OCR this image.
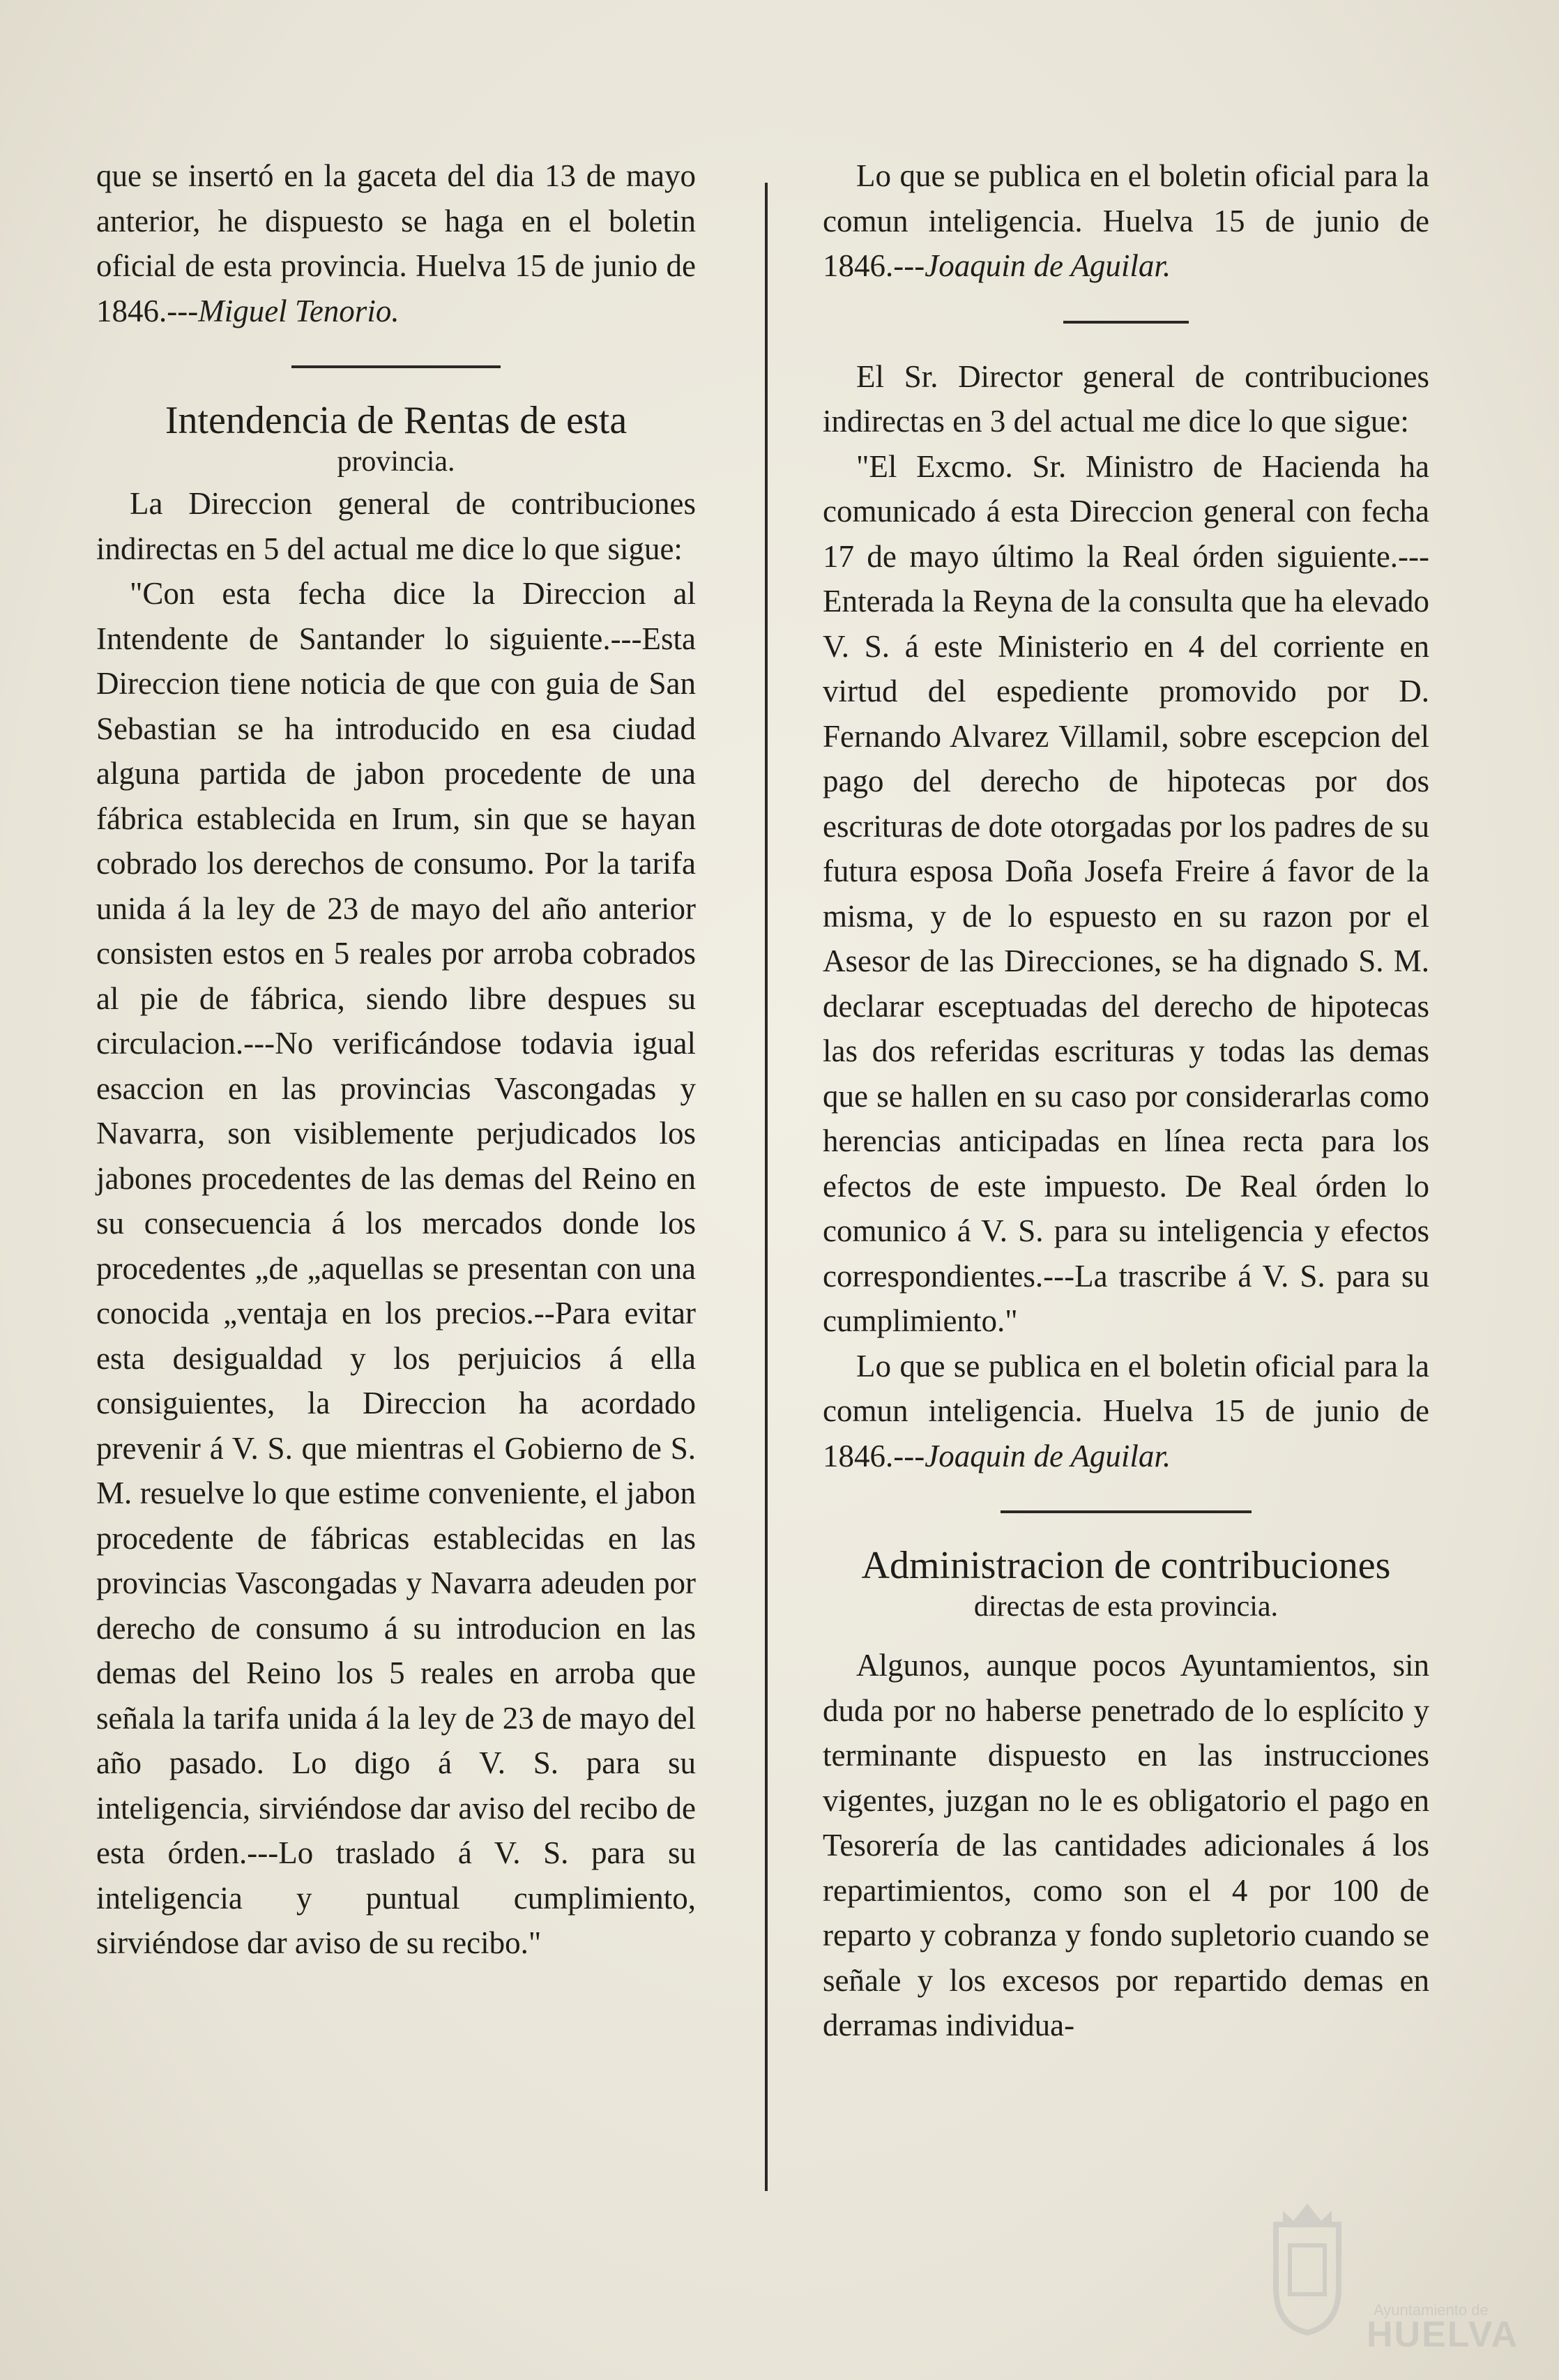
que se insertó en la gaceta del dia 13 de mayo anterior, he dispuesto se haga en el boletin oficial de esta provincia. Huelva 15 de junio de 1846.---Miguel Tenorio.

Intendencia de Rentas de esta

provincia.

La Direccion general de contribuciones indirectas en 5 del actual me dice lo que sigue:

"Con esta fecha dice la Direccion al Intendente de Santander lo siguiente.---Esta Direccion tiene noticia de que con guia de San Sebastian se ha introducido en esa ciudad alguna partida de jabon procedente de una fábrica establecida en Irum, sin que se hayan cobrado los derechos de consumo. Por la tarifa unida á la ley de 23 de mayo del año anterior consisten estos en 5 reales por arroba cobrados al pie de fábrica, siendo libre despues su circulacion.---No verificándose todavia igual esaccion en las provincias Vascongadas y Navarra, son visiblemente perjudicados los jabones procedentes de las demas del Reino en su consecuencia á los mercados donde los procedentes „de „aquellas se presentan con una conocida „ventaja en los precios.--Para evitar esta desigualdad y los perjuicios á ella consiguientes, la Direccion ha acordado prevenir á V. S. que mientras el Gobierno de S. M. resuelve lo que estime conveniente, el jabon procedente de fábricas establecidas en las provincias Vascongadas y Navarra adeuden por derecho de consumo á su introducion en las demas del Reino los 5 reales en arroba que señala la tarifa unida á la ley de 23 de mayo del año pasado. Lo digo á V. S. para su inteligencia, sirviéndose dar aviso del recibo de esta órden.---Lo traslado á V. S. para su inteligencia y puntual cumplimiento, sirviéndose dar aviso de su recibo."

Lo que se publica en el boletin oficial para la comun inteligencia. Huelva 15 de junio de 1846.---Joaquin de Aguilar.

El Sr. Director general de contribuciones indirectas en 3 del actual me dice lo que sigue:

"El Excmo. Sr. Ministro de Hacienda ha comunicado á esta Direccion general con fecha 17 de mayo último la Real órden siguiente.---Enterada la Reyna de la consulta que ha elevado V. S. á este Ministerio en 4 del corriente en virtud del espediente promovido por D. Fernando Alvarez Villamil, sobre escepcion del pago del derecho de hipotecas por dos escrituras de dote otorgadas por los padres de su futura esposa Doña Josefa Freire á favor de la misma, y de lo espuesto en su razon por el Asesor de las Direcciones, se ha dignado S. M. declarar esceptuadas del derecho de hipotecas las dos referidas escrituras y todas las demas que se hallen en su caso por considerarlas como herencias anticipadas en línea recta para los efectos de este impuesto. De Real órden lo comunico á V. S. para su inteligencia y efectos correspondientes.---La trascribe á V. S. para su cumplimiento."

Lo que se publica en el boletin oficial para la comun inteligencia. Huelva 15 de junio de 1846.---Joaquin de Aguilar.

Administracion de contribuciones

directas de esta provincia.

Algunos, aunque pocos Ayuntamientos, sin duda por no haberse penetrado de lo esplícito y terminante dispuesto en las instrucciones vigentes, juzgan no le es obligatorio el pago en Tesorería de las cantidades adicionales á los repartimientos, como son el 4 por 100 de reparto y cobranza y fondo supletorio cuando se señale y los excesos por repartido demas en derramas individua-

Ayuntamiento de
HUELVA
